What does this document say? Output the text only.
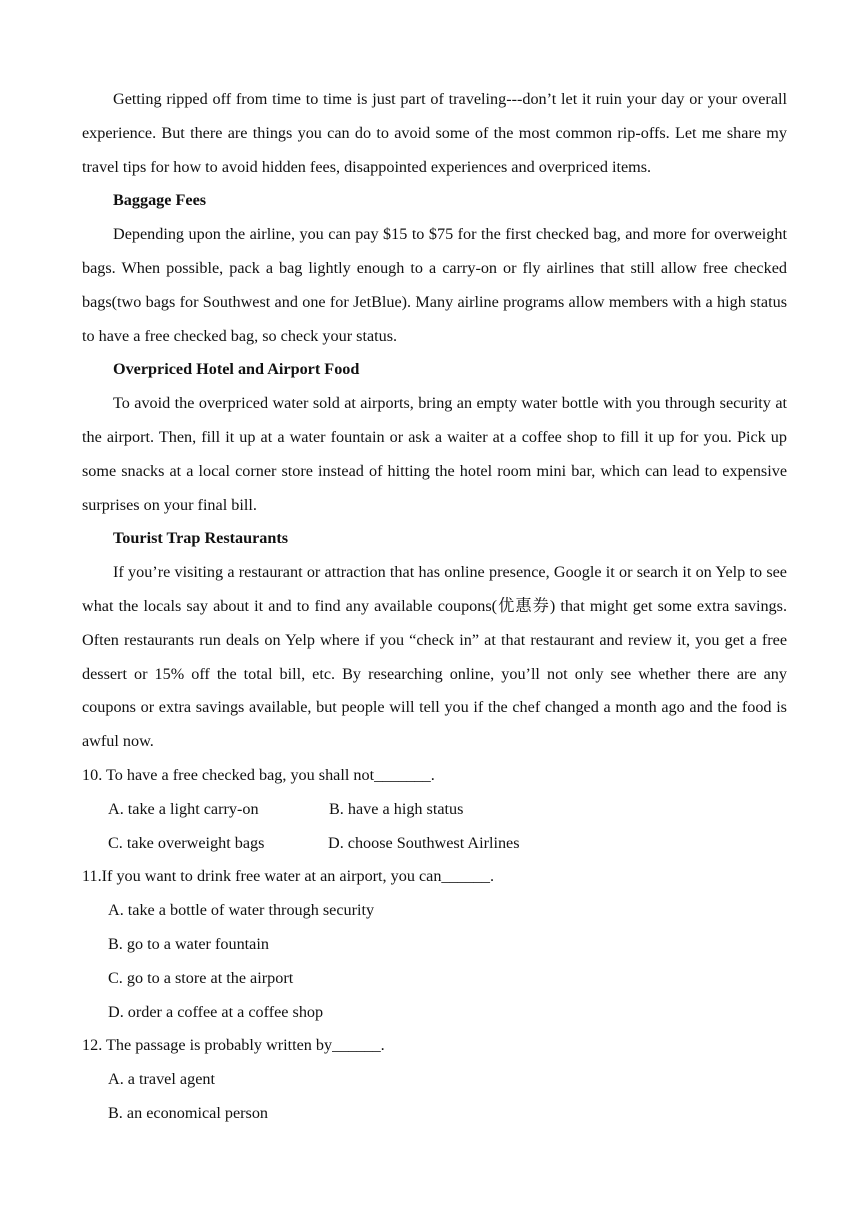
Getting ripped off from time to time is just part of traveling---don’t let it ruin your day or your overall experience. But there are things you can do to avoid some of the most common rip-offs. Let me share my travel tips for how to avoid hidden fees, disappointed experiences and overpriced items.

Baggage Fees

Depending upon the airline, you can pay $15 to $75 for the first checked bag, and more for overweight bags. When possible, pack a bag lightly enough to a carry-on or fly airlines that still allow free checked bags(two bags for Southwest and one for JetBlue). Many airline programs allow members with a high status to have a free checked bag, so check your status.

Overpriced Hotel and Airport Food

To avoid the overpriced water sold at airports, bring an empty water bottle with you through security at the airport. Then, fill it up at a water fountain or ask a waiter at a coffee shop to fill it up for you. Pick up some snacks at a local corner store instead of hitting the hotel room mini bar, which can lead to expensive surprises on your final bill.

Tourist Trap Restaurants

If you’re visiting a restaurant or attraction that has online presence, Google it or search it on Yelp to see what the locals say about it and to find any available coupons(优惠券) that might get some extra savings. Often restaurants run deals on Yelp where if you “check in” at that restaurant and review it, you get a free dessert or 15% off the total bill, etc. By researching online, you’ll not only see whether there are any coupons or extra savings available, but people will tell you if the chef changed a month ago and the food is awful now.

10. To have a free checked bag, you shall not_______.

A. take a light carry-on	B. have a high status
C. take overweight bags	D. choose Southwest Airlines

11.If you want to drink free water at an airport, you can______.

A. take a bottle of water through security

B. go to a water fountain

C. go to a store at the airport

D. order a coffee at a coffee shop

12. The passage is probably written by______.

A. a travel agent

B. an economical person
